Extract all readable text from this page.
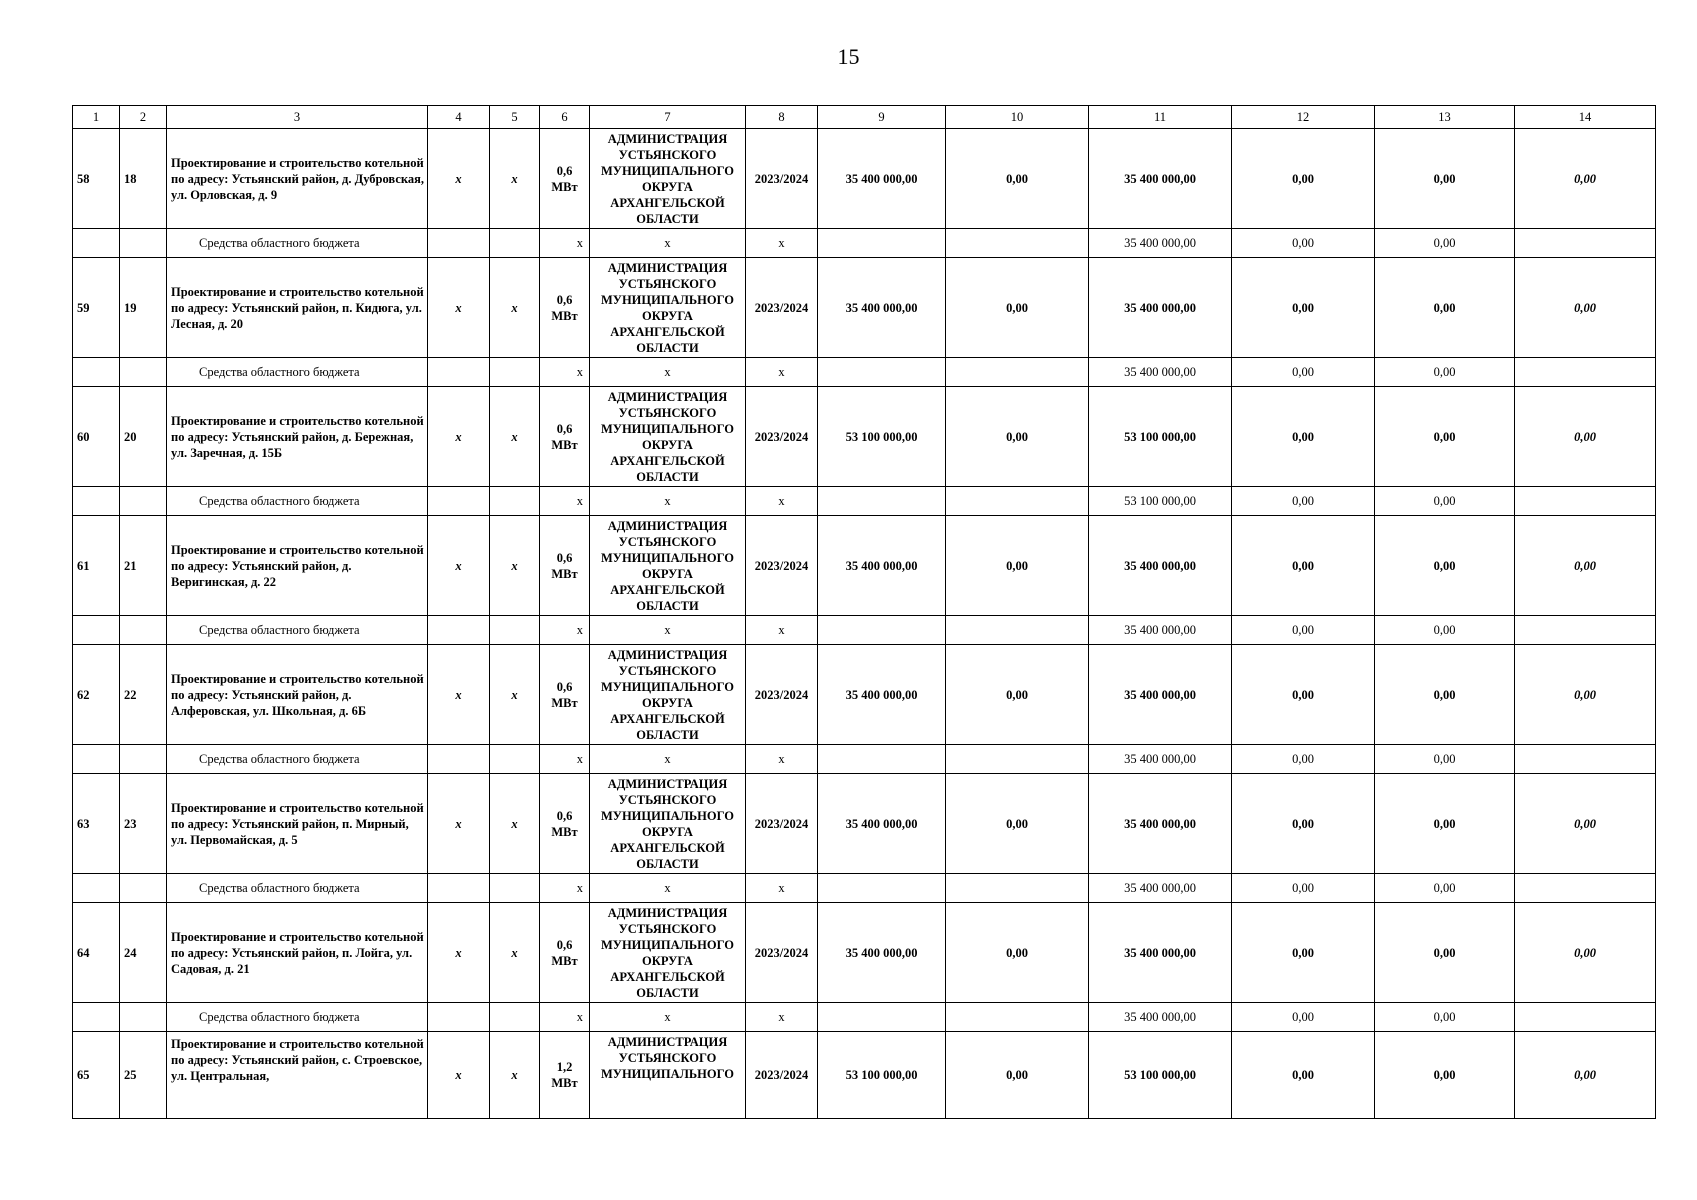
15
1	2	3	4	5	6	7	8	9	10	11	12	13	14
58	18	Проектирование и строительство котельной по адресу: Устьянский район, д. Дубровская, ул. Орловская, д. 9	x	x	0,6 МВт	АДМИНИСТРАЦИЯ УСТЬЯНСКОГО МУНИЦИПАЛЬНОГО ОКРУГА АРХАНГЕЛЬСКОЙ ОБЛАСТИ	2023/2024	35 400 000,00	0,00	35 400 000,00	0,00	0,00	0,00
		Средства областного бюджета			x	x	x			35 400 000,00	0,00	0,00	
59	19	Проектирование и строительство котельной по адресу: Устьянский район, п. Кидюга, ул. Лесная, д. 20	x	x	0,6 МВт	АДМИНИСТРАЦИЯ УСТЬЯНСКОГО МУНИЦИПАЛЬНОГО ОКРУГА АРХАНГЕЛЬСКОЙ ОБЛАСТИ	2023/2024	35 400 000,00	0,00	35 400 000,00	0,00	0,00	0,00
		Средства областного бюджета			x	x	x			35 400 000,00	0,00	0,00	
60	20	Проектирование и строительство котельной по адресу: Устьянский район, д. Бережная, ул. Заречная, д. 15Б	x	x	0,6 МВт	АДМИНИСТРАЦИЯ УСТЬЯНСКОГО МУНИЦИПАЛЬНОГО ОКРУГА АРХАНГЕЛЬСКОЙ ОБЛАСТИ	2023/2024	53 100 000,00	0,00	53 100 000,00	0,00	0,00	0,00
		Средства областного бюджета			x	x	x			53 100 000,00	0,00	0,00	
61	21	Проектирование и строительство котельной по адресу: Устьянский район, д. Веригинская, д. 22	x	x	0,6 МВт	АДМИНИСТРАЦИЯ УСТЬЯНСКОГО МУНИЦИПАЛЬНОГО ОКРУГА АРХАНГЕЛЬСКОЙ ОБЛАСТИ	2023/2024	35 400 000,00	0,00	35 400 000,00	0,00	0,00	0,00
		Средства областного бюджета			x	x	x			35 400 000,00	0,00	0,00	
62	22	Проектирование и строительство котельной по адресу: Устьянский район, д. Алферовская, ул. Школьная, д. 6Б	x	x	0,6 МВт	АДМИНИСТРАЦИЯ УСТЬЯНСКОГО МУНИЦИПАЛЬНОГО ОКРУГА АРХАНГЕЛЬСКОЙ ОБЛАСТИ	2023/2024	35 400 000,00	0,00	35 400 000,00	0,00	0,00	0,00
		Средства областного бюджета			x	x	x			35 400 000,00	0,00	0,00	
63	23	Проектирование и строительство котельной по адресу: Устьянский район, п. Мирный, ул. Первомайская, д. 5	x	x	0,6 МВт	АДМИНИСТРАЦИЯ УСТЬЯНСКОГО МУНИЦИПАЛЬНОГО ОКРУГА АРХАНГЕЛЬСКОЙ ОБЛАСТИ	2023/2024	35 400 000,00	0,00	35 400 000,00	0,00	0,00	0,00
		Средства областного бюджета			x	x	x			35 400 000,00	0,00	0,00	
64	24	Проектирование и строительство котельной по адресу: Устьянский район, п. Лойга, ул. Садовая, д. 21	x	x	0,6 МВт	АДМИНИСТРАЦИЯ УСТЬЯНСКОГО МУНИЦИПАЛЬНОГО ОКРУГА АРХАНГЕЛЬСКОЙ ОБЛАСТИ	2023/2024	35 400 000,00	0,00	35 400 000,00	0,00	0,00	0,00
		Средства областного бюджета			x	x	x			35 400 000,00	0,00	0,00	
65	25	Проектирование и строительство котельной по адресу: Устьянский район, с. Строевское, ул. Центральная,	x	x	1,2 МВт	АДМИНИСТРАЦИЯ УСТЬЯНСКОГО МУНИЦИПАЛЬНОГО	2023/2024	53 100 000,00	0,00	53 100 000,00	0,00	0,00	0,00
